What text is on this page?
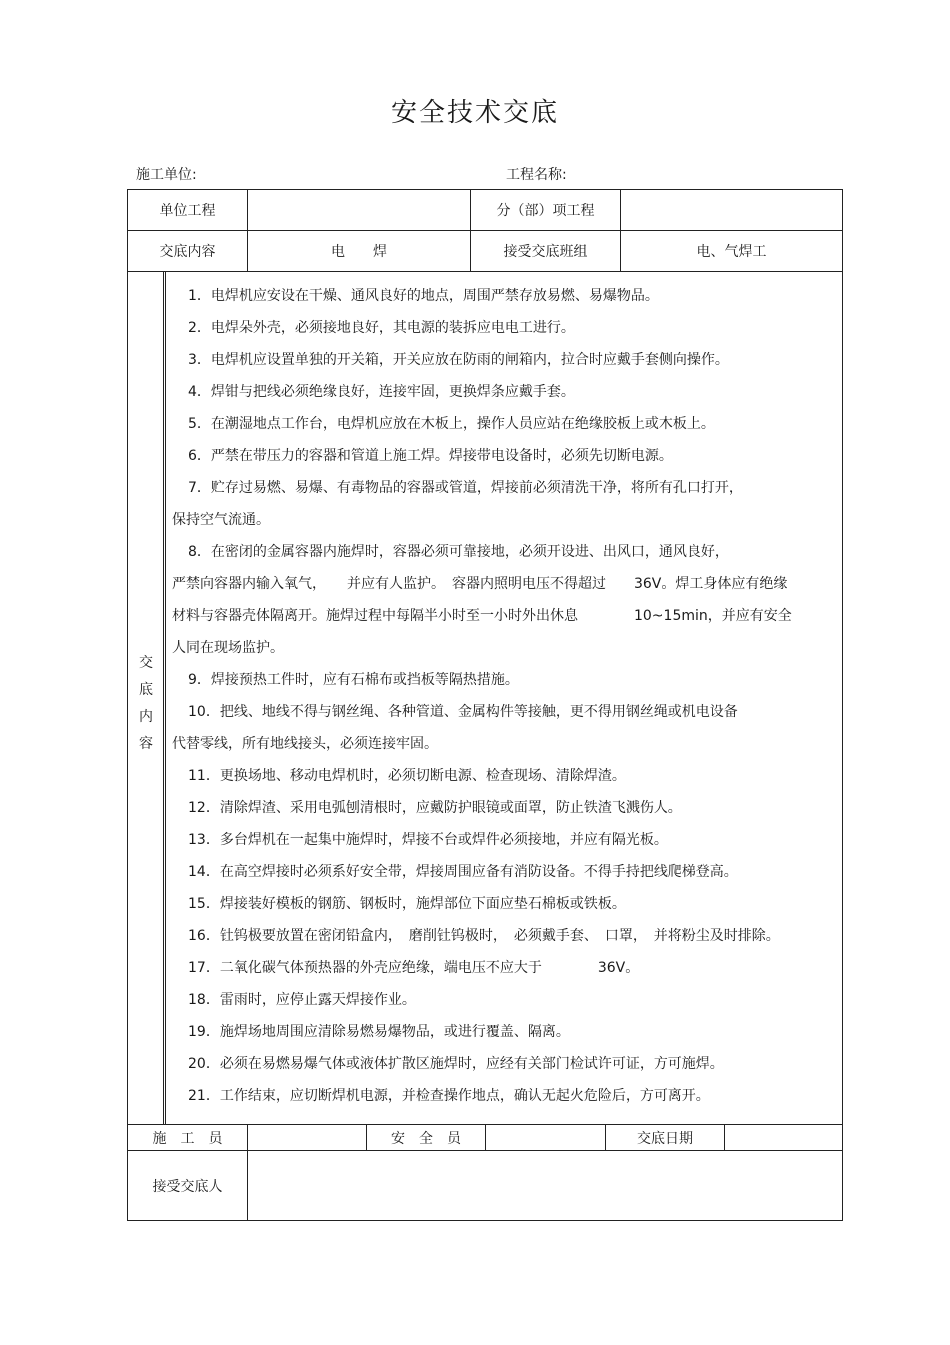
安全技术交底
施工单位:	工程名称:
单位工程	分（部）项工程
交底内容	电　　焊	接受交底班组	电、气焊工
交
底
内
容
1．电焊机应安设在干燥、通风良好的地点，周围严禁存放易燃、易爆物品。
2．电焊朵外壳，必须接地良好，其电源的装拆应电电工进行。
3．电焊机应设置单独的开关箱，开关应放在防雨的闸箱内，拉合时应戴手套侧向操作。
4．焊钳与把线必须绝缘良好，连接牢固，更换焊条应戴手套。
5．在潮湿地点工作台，电焊机应放在木板上，操作人员应站在绝缘胶板上或木板上。
6．严禁在带压力的容器和管道上施工焊。焊接带电设备时，必须先切断电源。
7．贮存过易燃、易爆、有毒物品的容器或管道，焊接前必须清洗干净，将所有孔口打开，
保持空气流通。
8．在密闭的金属容器内施焊时，容器必须可靠接地，必须开设进、出风口，通风良好，
严禁向容器内输入氧气，　　并应有人监护。　容器内照明电压不得超过　　36V。焊工身体应有绝缘
材料与容器壳体隔离开。施焊过程中每隔半小时至一小时外出休息　　　　10~15min，并应有安全
人同在现场监护。
9．焊接预热工件时，应有石棉布或挡板等隔热措施。
10．把线、地线不得与钢丝绳、各种管道、金属构件等接触，更不得用钢丝绳或机电设备
代替零线，所有地线接头，必须连接牢固。
11．更换场地、移动电焊机时，必须切断电源、检查现场、清除焊渣。
12．清除焊渣、采用电弧刨清根时，应戴防护眼镜或面罩，防止铁渣飞溅伤人。
13．多台焊机在一起集中施焊时，焊接不台或焊件必须接地，并应有隔光板。
14．在高空焊接时必须系好安全带，焊接周围应备有消防设备。不得手持把线爬梯登高。
15．焊接装好模板的钢筋、钢板时，施焊部位下面应垫石棉板或铁板。
16．钍钨极要放置在密闭铅盒内，　磨削钍钨极时，　必须戴手套、　口罩，　并将粉尘及时排除。
17．二氧化碳气体预热器的外壳应绝缘，端电压不应大于　　　　36V。
18．雷雨时，应停止露天焊接作业。
19．施焊场地周围应清除易燃易爆物品，或进行覆盖、隔离。
20．必须在易燃易爆气体或液体扩散区施焊时，应经有关部门检试许可证，方可施焊。
21．工作结束，应切断焊机电源，并检查操作地点，确认无起火危险后，方可离开。
施　工　员	安　全　员	交底日期
接受交底人
